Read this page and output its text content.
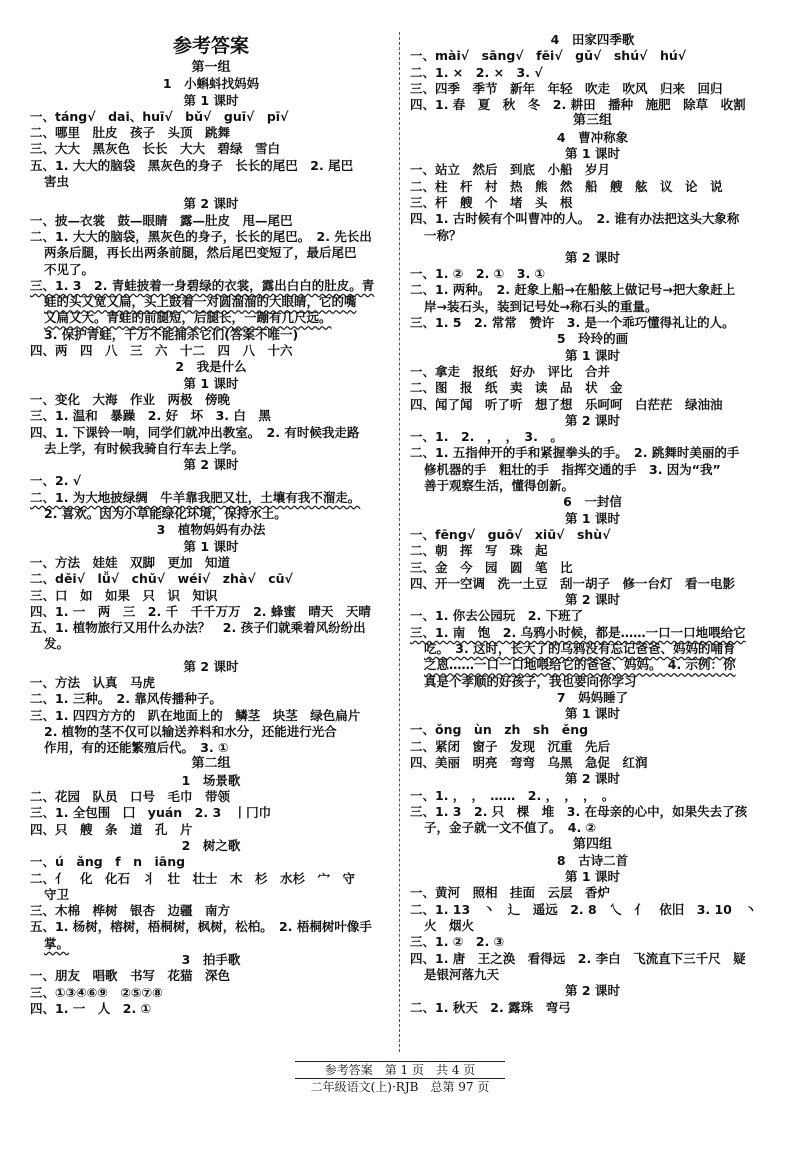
参考答案
第一组
1　小蝌蚪找妈妈
第 1 课时
一、táng√　dai、huī√　bǔ√　guī√　pī√
二、哪里　肚皮　孩子　头顶　跳舞
三、大大　黑灰色　长长　大大　碧绿　雪白
五、1. 大大的脑袋　黑灰色的身子　长长的尾巴　2. 尾巴
害虫
第 2 课时
一、披—衣裳　鼓—眼睛　露—肚皮　甩—尾巴
二、1. 大大的脑袋，黑灰色的身子，长长的尾巴。　2. 先长出
两条后腿，再长出两条前腿，然后尾巴变短了，最后尾巴
不见了。
三、1. 3　2. 青蛙披着一身碧绿的衣裳，露出白白的肚皮。青
蛙的头又宽又扁，头上鼓着一对圆溜溜的大眼睛，它的嘴
又扁又大。青蛙的前腿短，后腿长，一蹦有几尺远。
3. 保护青蛙，千万不能捕杀它们(答案不唯一)
四、两　四　八　三　六　十二　四　八　十六
2　我是什么
第 1 课时
一、变化　大海　作业　两极　傍晚
三、1. 温和　暴躁　2. 好　坏　3. 白　黑
四、1. 下课铃一响，同学们就冲出教室。　2. 有时候我走路
去上学，有时候我骑自行车去上学。
第 2 课时
一、2. √
二、1. 为大地披绿绸　牛羊靠我肥又壮，土壤有我不溜走。
2. 喜欢。因为小草能绿化环境，保持水土。
3　植物妈妈有办法
第 1 课时
一、方法　娃娃　双脚　更加　知道
二、děi√　lǚ√　chǔ√　wéi√　zhà√　cū√
三、口　如　如果　只　识　知识
四、1. 一　两　三　2. 千　千千万万　2. 蜂蜜　晴天　天晴
五、1. 植物旅行又用什么办法？　2. 孩子们就乘着风纷纷出
发。
第 2 课时
一、方法　认真　马虎
二、1. 三种。　2. 靠风传播种子。
三、1. 四四方方的　趴在地面上的　鳞茎　块茎　绿色扁片
2. 植物的茎不仅可以输送养料和水分，还能进行光合
作用，有的还能繁殖后代。　3. ①
第二组
1　场景歌
二、花园　队员　口号　毛巾　带领
三、1. 全包围　囗　yuán　2. 3　丨冂巾
四、只　艘　条　道　孔　片
2　树之歌
一、ú　ǎng　f　n　iāng
二、亻　化　化石　丬　壮　壮士　木　杉　水杉　宀　守
守卫
三、木棉　桦树　银杏　边疆　南方
五、1. 杨树，榕树，梧桐树，枫树，松柏。　2. 梧桐树叶像手
掌。
3　拍手歌
一、朋友　唱歌　书写　花猫　深色
三、①③④⑥⑨　②⑤⑦⑧
四、1. 一　人　2. ①
4　田家四季歌
一、mài√　sāng√　fēi√　gǔ√　shú√　hú√
二、1. ×　2. ×　3. √
三、四季　季节　新年　年轻　吹走　吹风　归来　回归
四、1. 春　夏　秋　冬　2. 耕田　播种　施肥　除草　收割
第三组
4　曹冲称象
第 1 课时
一、站立　然后　到底　小船　岁月
二、柱　杆　村　热　熊　然　船　艘　舷　议　论　说
三、杆　艘　个　堵　头　根
四、1. 古时候有个叫曹冲的人。　2. 谁有办法把这头大象称
一称？
第 2 课时
一、1. ②　2. ①　3. ①
二、1. 两种。　2. 赶象上船→在船舷上做记号→把大象赶上
岸→装石头，装到记号处→称石头的重量。
三、1. 5　2. 常常　赞许　3. 是一个乖巧懂得礼让的人。
5　玲玲的画
第 1 课时
一、拿走　报纸　好办　评比　合并
二、图　报　纸　卖　读　品　状　金
四、闻了闻　听了听　想了想　乐呵呵　白茫茫　绿油油
第 2 课时
一、1.　2.　，　，　3.　。
二、1. 五指伸开的手和紧握拳头的手。　2. 跳舞时美丽的手
修机器的手　粗壮的手　指挥交通的手　3. 因为“我”
善于观察生活，懂得创新。
6　一封信
第 1 课时
一、fēng√　guō√　xiū√　shù√
二、朝　挥　写　珠　起
三、金　今　园　圆　笔　比
四、开一空调　洗一土豆　刮一胡子　修一台灯　看一电影
第 2 课时
一、1. 你去公园玩　2. 下班了
三、1. 南　饱　2. 乌鸦小时候，都是……一口一口地喂给它
吃。　3. 这时，长大了的乌鸦没有忘记爸爸、妈妈的哺育
之恩……一口一口地喂给它的爸爸、妈妈。　4. 示例：你
真是个孝顺的好孩子，我也要向你学习
7　妈妈睡了
第 1 课时
一、ǒng　ùn　zh　sh　ěng
二、紧闭　窗子　发现　沉重　先后
四、美丽　明亮　弯弯　乌黑　急促　红润
第 2 课时
一、1. ，　，　……　2. ，　，　，　。
三、1. 3　2. 只　棵　堆　3. 在母亲的心中，如果失去了孩
子，金子就一文不值了。　4. ②
第四组
8　古诗二首
第 1 课时
一、黄河　照相　挂面　云层　香炉
二、1. 13　丶　辶　遥远　2. 8　乀　亻　依旧　3. 10　丶
火　烟火
三、1. ②　2. ③
四、1. 唐　王之涣　看得远　2. 李白　飞流直下三千尺　疑
是银河落九天
第 2 课时
二、1. 秋天　2. 露珠　弯弓
参考答案　第 1 页　共 4 页
二年级语文(上)·RJB　总第 97 页
